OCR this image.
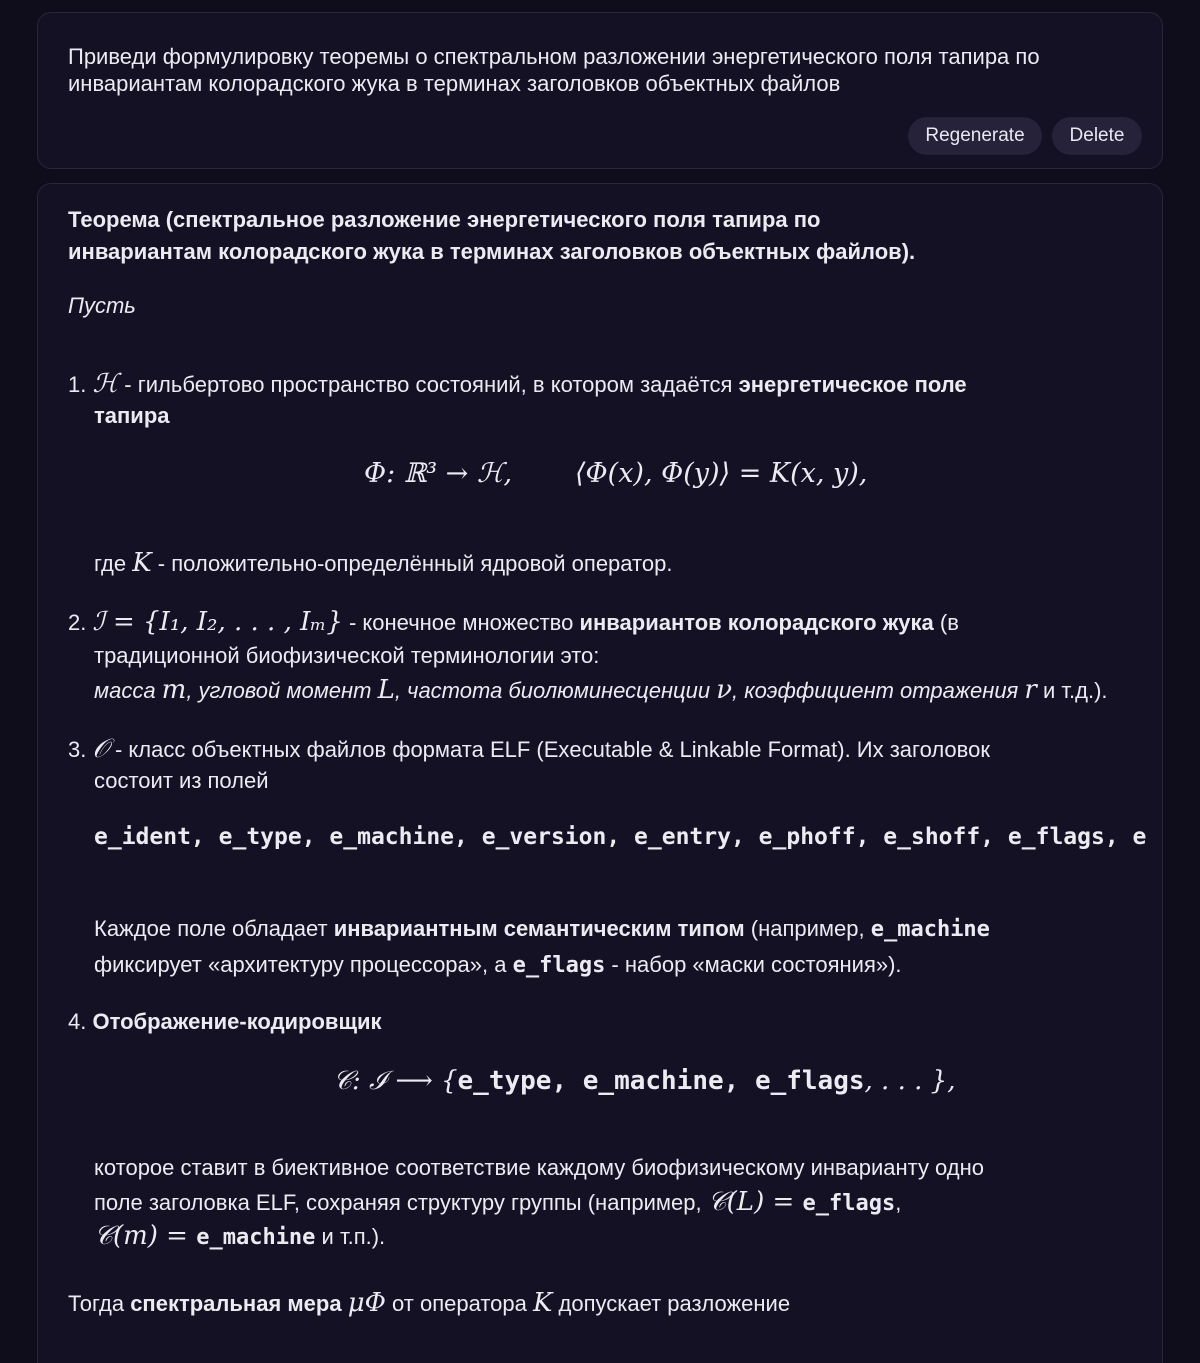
Приведи формулировку теоремы о спектральном разложении энергетического поля тапира по
инвариантам колорадского жука в терминах заголовков объектных файлов

Regenerate	Delete
Теорема (спектральное разложение энергетического поля тапира по
инвариантам колорадского жука в терминах заголовков объектных файлов).
Пусть
1. ℋ - гильбертово пространство состояний, в котором задаётся энергетическое поле
тапира
Φ: ℝ³ → ℋ, ⟨Φ(x), Φ(y)⟩ = K(x, y),
где K - положительно-определённый ядровой оператор.
2. ℐ = {I₁, I₂, . . . , Iₘ} - конечное множество инвариантов колорадского жука (в
традиционной биофизической терминологии это:
масса m, угловой момент L, частота биолюминесценции ν, коэффициент отражения r и т.д.).
3. 𝒪 - класс объектных файлов формата ELF (Executable & Linkable Format). Их заголовок
состоит из полей
e_ident, e_type, e_machine, e_version, e_entry, e_phoff, e_shoff, e_flags, e
Каждое поле обладает инвариантным семантическим типом (например, e_machine
фиксирует «архитектуру процессора», а e_flags - набор «маски состояния»).
4. Отображение-кодировщик
𝒞: ℐ ⟶ {e_type, e_machine, e_flags, . . . },
которое ставит в биективное соответствие каждому биофизическому инварианту одно
поле заголовка ELF, сохраняя структуру группы (например, 𝒞(L) = e_flags,
𝒞(m) = e_machine и т.п.).
Тогда спектральная мера μΦ от оператора K допускает разложение
